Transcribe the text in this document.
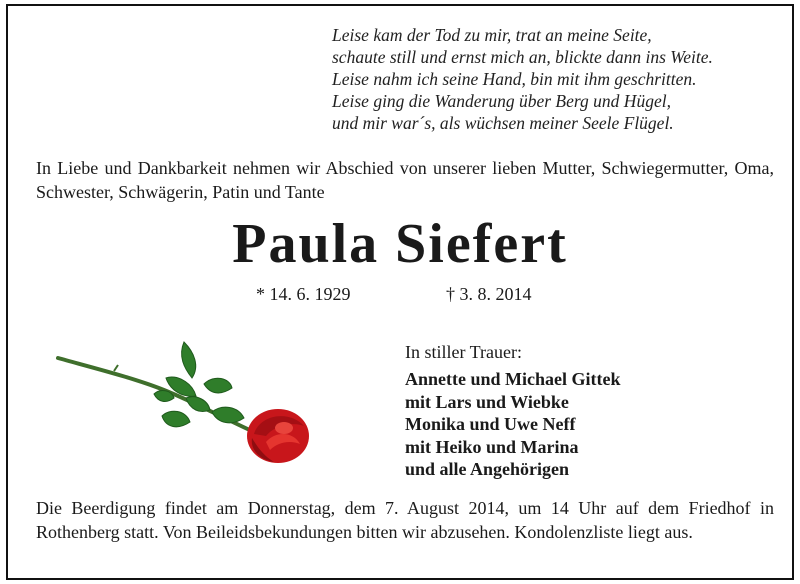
Leise kam der Tod zu mir, trat an meine Seite,
schaute still und ernst mich an, blickte dann ins Weite.
Leise nahm ich seine Hand, bin mit ihm geschritten.
Leise ging die Wanderung über Berg und Hügel,
und mir war´s, als wüchsen meiner Seele Flügel.
In Liebe und Dankbarkeit nehmen wir Abschied von unserer lieben Mutter, Schwiegermutter, Oma, Schwester, Schwägerin, Patin und Tante
Paula Siefert
* 14. 6. 1929	† 3. 8. 2014
In stiller Trauer:
Annette und Michael Gittek
mit Lars und Wiebke
Monika und Uwe Neff
mit Heiko und Marina
und alle Angehörigen
Die Beerdigung findet am Donnerstag, dem 7. August 2014, um 14 Uhr auf dem Friedhof in Rothenberg statt. Von Beileidsbekundungen bitten wir abzusehen. Kondolenzliste liegt aus.
